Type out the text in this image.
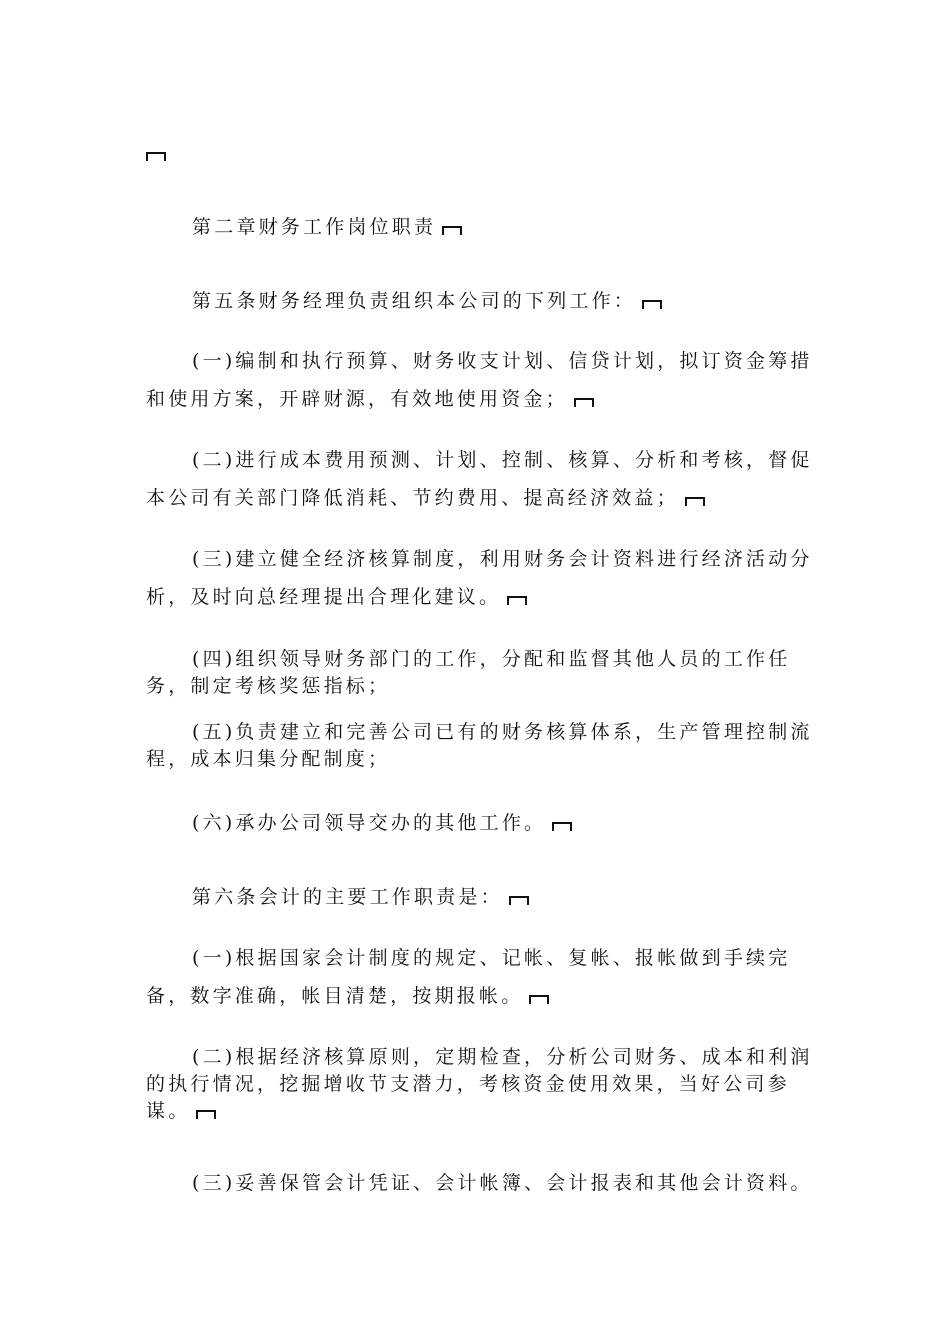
第二章财务工作岗位职责

第五条财务经理负责组织本公司的下列工作：

(一)编制和执行预算、财务收支计划、信贷计划，拟订资金筹措和使用方案，开辟财源，有效地使用资金；

(二)进行成本费用预测、计划、控制、核算、分析和考核，督促本公司有关部门降低消耗、节约费用、提高经济效益；

(三)建立健全经济核算制度，利用财务会计资料进行经济活动分析，及时向总经理提出合理化建议。

(四)组织领导财务部门的工作，分配和监督其他人员的工作任务，制定考核奖惩指标；

(五)负责建立和完善公司已有的财务核算体系，生产管理控制流程，成本归集分配制度；

(六)承办公司领导交办的其他工作。

第六条会计的主要工作职责是：

(一)根据国家会计制度的规定、记帐、复帐、报帐做到手续完备，数字准确，帐目清楚，按期报帐。

(二)根据经济核算原则，定期检查，分析公司财务、成本和利润的执行情况，挖掘增收节支潜力，考核资金使用效果，当好公司参谋。

(三)妥善保管会计凭证、会计帐簿、会计报表和其他会计资料。
